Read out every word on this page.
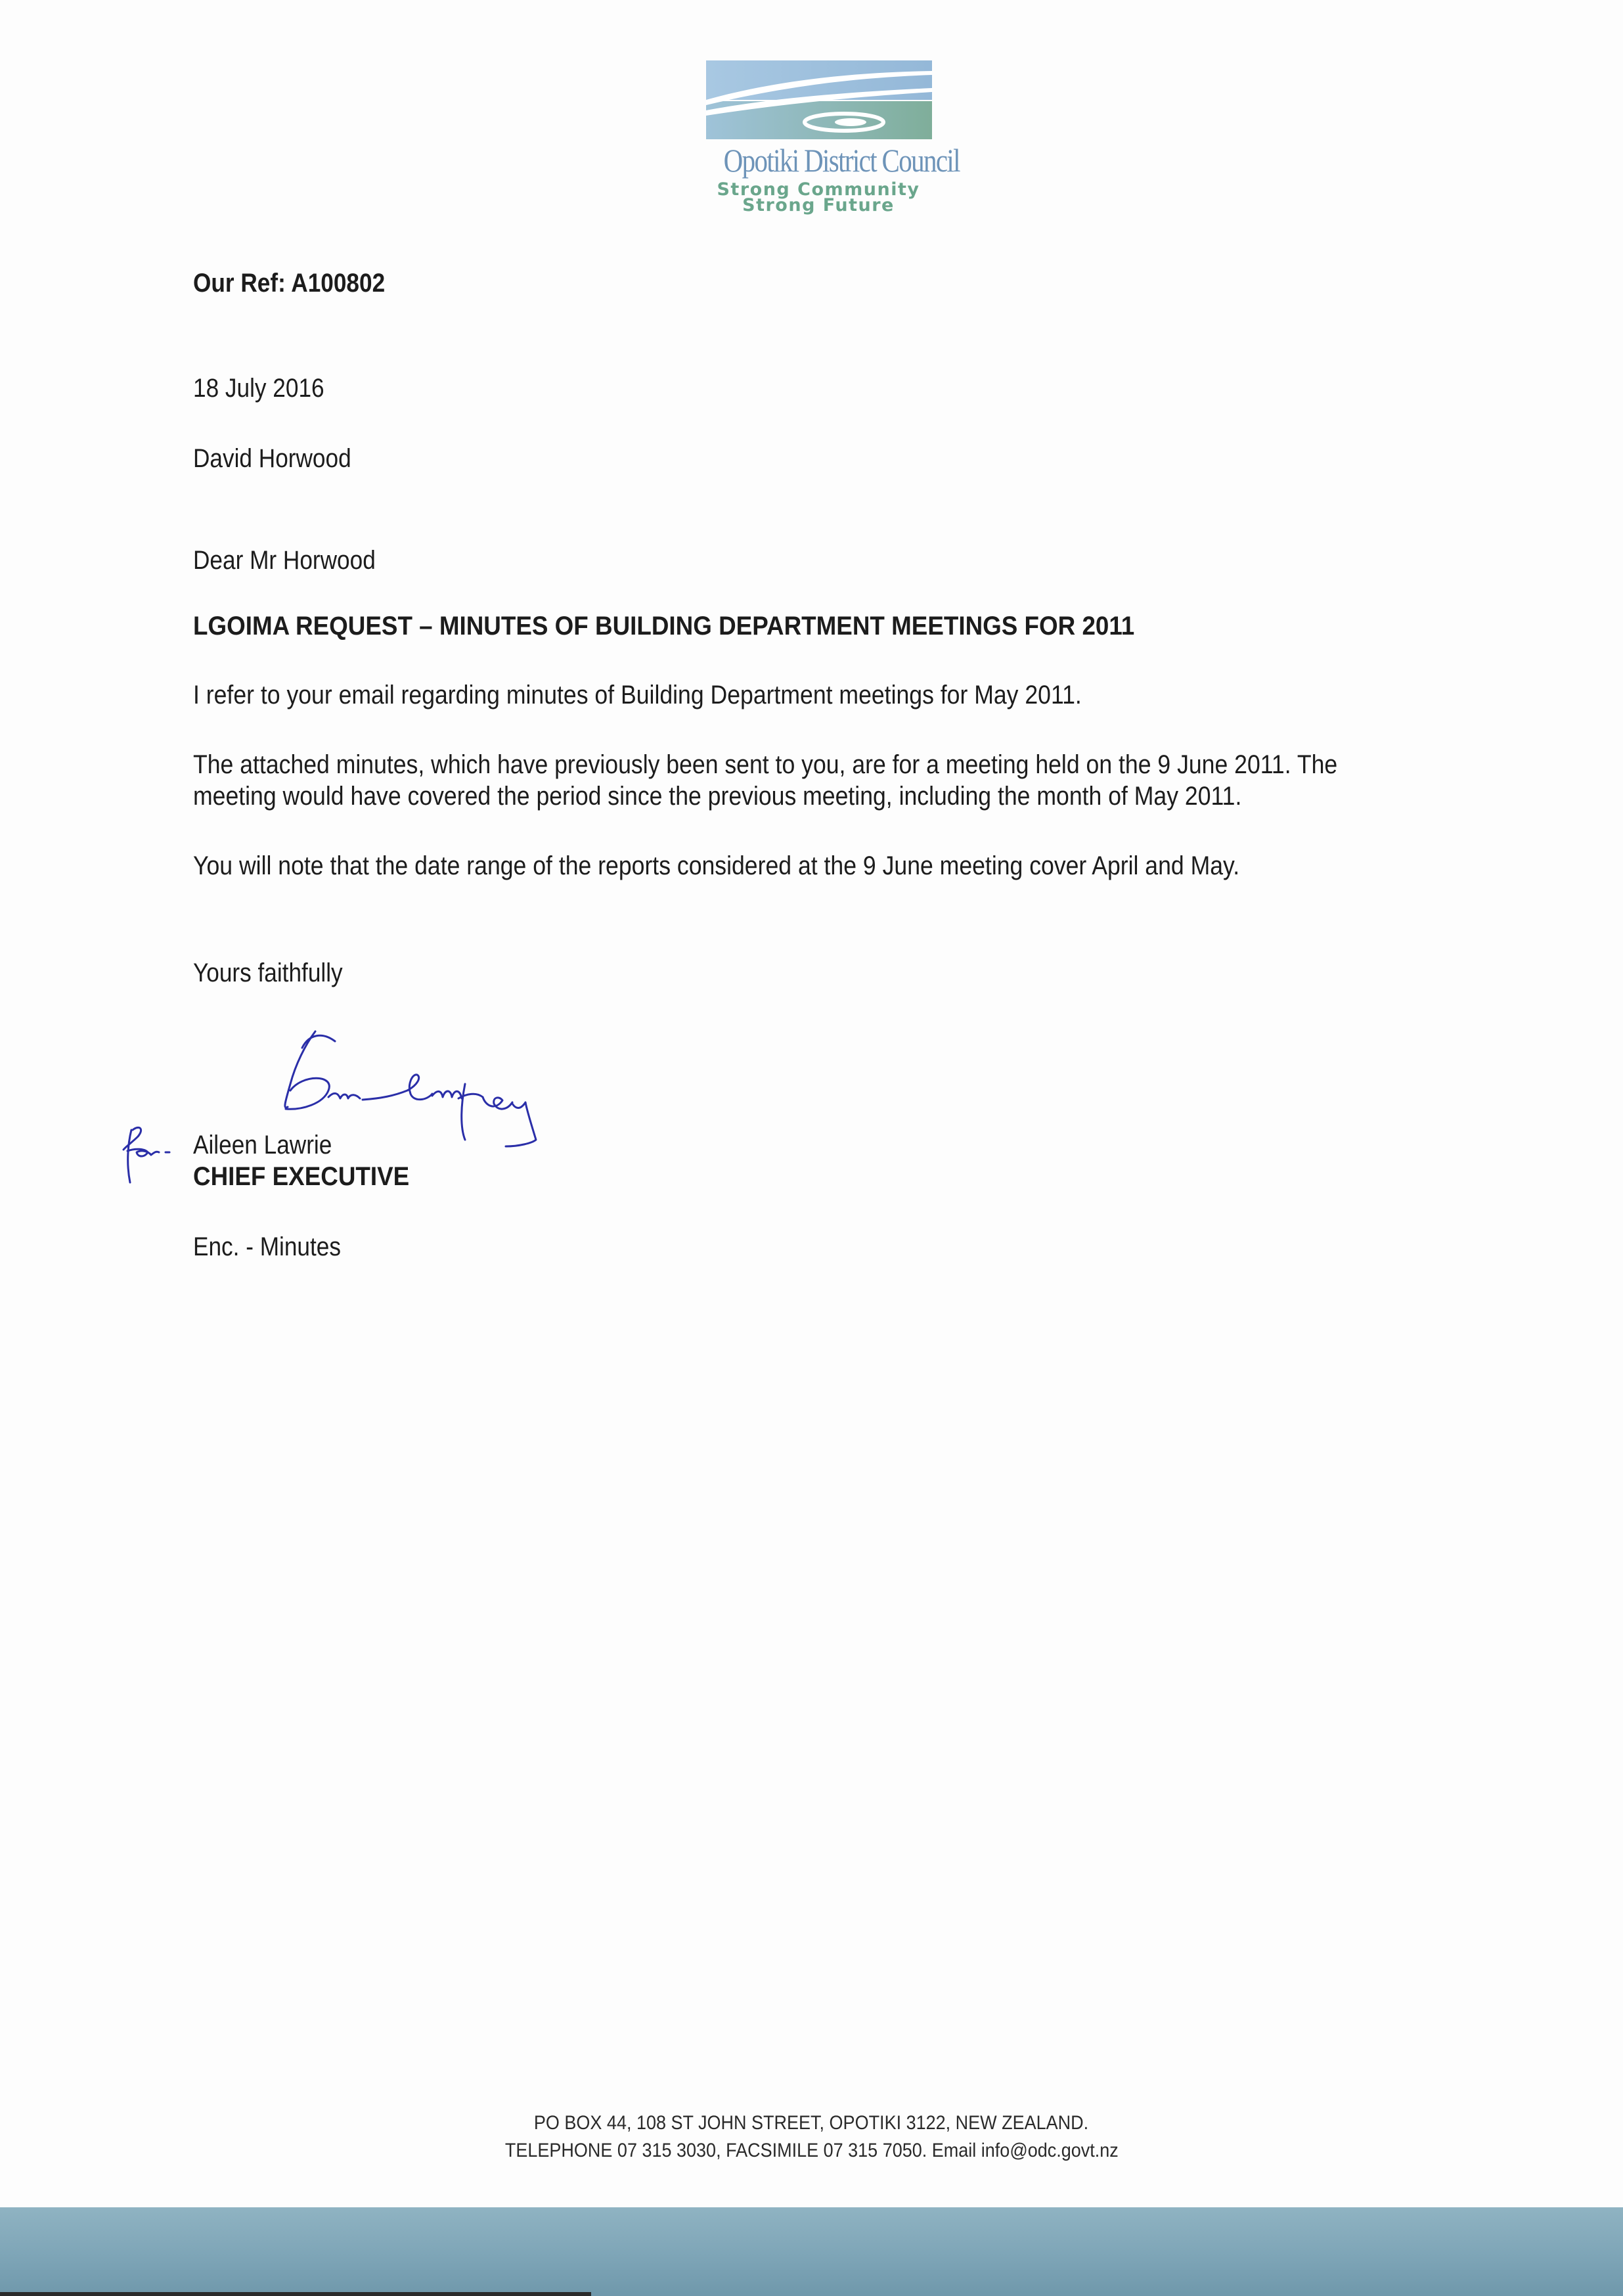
Opotiki District Council
Strong Community
Strong Future
Our Ref: A100802
18 July 2016
David Horwood
Dear Mr Horwood
LGOIMA REQUEST – MINUTES OF BUILDING DEPARTMENT MEETINGS FOR 2011
I refer to your email regarding minutes of Building Department meetings for May 2011.
The attached minutes, which have previously been sent to you, are for a meeting held on the 9 June 2011. The
meeting would have covered the period since the previous meeting, including the month of May 2011.
You will note that the date range of the reports considered at the 9 June meeting cover April and May.
Yours faithfully
Aileen Lawrie
CHIEF EXECUTIVE
Enc. - Minutes
PO BOX 44, 108 ST JOHN STREET, OPOTIKI 3122, NEW ZEALAND.
TELEPHONE 07 315 3030, FACSIMILE 07 315 7050. Email info@odc.govt.nz
